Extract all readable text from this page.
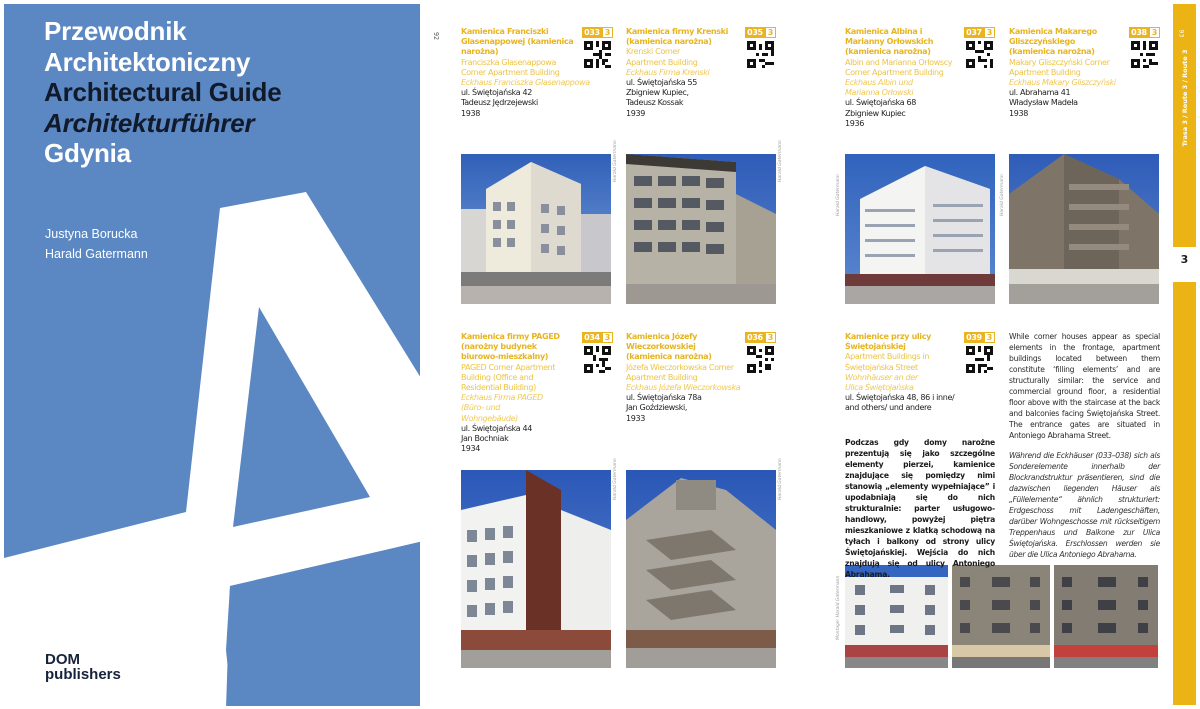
Przewodnik
Architektoniczny
Architectural Guide
Architekturführer
Gdynia
Justyna Borucka
Harald Gatermann
DOM
publishers
92	Kamienica Franciszki Glasenappowej (kamienica narożna)
Franciszka Glasenappowa Corner Apartment Building
Eckhaus Franciszka Glasenappowa
ul. Świętojańska 42
Tadeusz Jędrzejewski
1938
033 3	Kamienica firmy Krenski (kamienica narożna)
Krenski Corner Apartment Building
Eckhaus Firma Krenski
ul. Świętojańska 55
Zbigniew Kupiec, Tadeusz Kossak
1939
035 3	Kamienica Albina i Marianny Orłowskich (kamienica narożna)
Albin and Marianna Orłowscy Corner Apartment Building
Eckhaus Albin und Marianna Orłowski
ul. Świętojańska 68
Zbigniew Kupiec
1936
037 3	Kamienica Makarego Gliszczyńskiego (kamienica narożna)
Makary Gliszczyński Corner Apartment Building
Eckhaus Makary Gliszczyński
ul. Abrahama 41
Władysław Madeła
1938
038 3
Harald Gatermann	Harald Gatermann
Harald Gatermann	Harald Gatermann
Kamienica firmy PAGED (narożny budynek biurowo-mieszkalny)
PAGED Corner Apartment Building (Office and Residential Building)
Eckhaus Firma PAGED (Büro- und Wohngebäude)
ul. Świętojańska 44
Jan Bochniak
1934
034 3	Kamienica Józefy Wieczorkowskiej (kamienica narożna)
Józefa Wieczorkowska Corner Apartment Building
Eckhaus Józefa Wieczorkowska
ul. Świętojańska 78a
Jan Goździewski,
1933
036 3	Kamienice przy ulicy Świętojańskiej
Apartment Buildings in Świętojańska Street
Wohnhäuser an der Ulica Świętojańska
ul. Świętojańska 48, 86 i inne/ and others/ und andere
039 3
Harald Gatermann	Harald Gatermann
Montage: Harald Gatermann
Podczas gdy domy narożne prezentują się jako szczególne elementy pierzei, kamienice znajdujące się pomiędzy nimi stanowią „elementy wypełniające” i upodabniają się do nich strukturalnie: parter usługowo-handlowy, powyżej piętra mieszkaniowe z klatką schodową na tyłach i balkony od strony ulicy Świętojańskiej. Wejścia do nich znajdują się od ulicy Antoniego Abrahama.
While corner houses appear as special elements in the frontage, apartment buildings located between them constitute ‘filling elements’ and are structurally similar: the service and commercial ground floor, a residential floor above with the staircase at the back and balconies facing Świętojańska Street. The entrance gates are situated in Antoniego Abrahama Street.
Während die Eckhäuser (033–038) sich als Sonderelemente innerhalb der Blockrandstruktur präsentieren, sind die dazwischen liegenden Häuser als „Füllelemente“ ähnlich strukturiert: Erdgeschoss mit Ladengeschäften, darüber Wohngeschosse mit rückseitigem Treppenhaus und Balkone zur Ulica Świętojańska. Erschlossen werden sie über die Ulica Antoniego Abrahama.
93
Trasa 3 / Route 3 / Route 3
3
